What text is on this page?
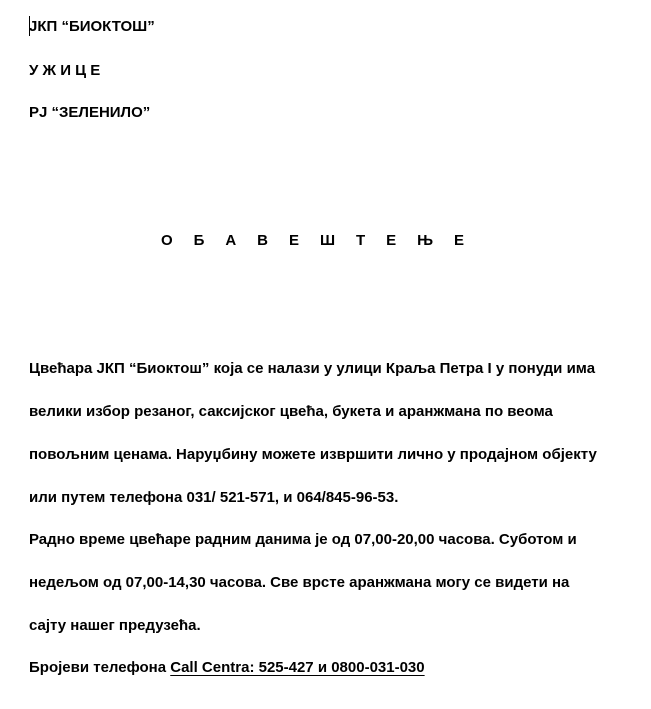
ЈКП “БИОКТОШ”
У Ж И Ц Е
РЈ “ЗЕЛЕНИЛО”
О Б А В Е Ш Т Е Њ Е
Цвећара ЈКП “Биоктош” која се налази у улици Краља Петра I у понуди има
велики избор резаног, саксијског цвећа, букета и аранжмана по веома
повољним ценама. Наруџбину можете извршити лично у продајном објекту
или путем телефона 031/ 521-571, и 064/845-96-53.
Радно време цвећаре радним данима је од 07,00-20,00 часова. Суботом и
недељом од 07,00-14,30 часова. Све врсте аранжмана могу се видети на
сајту нашег предузећа.
Бројеви телефона Call Centra: 525-427 и 0800-031-030
